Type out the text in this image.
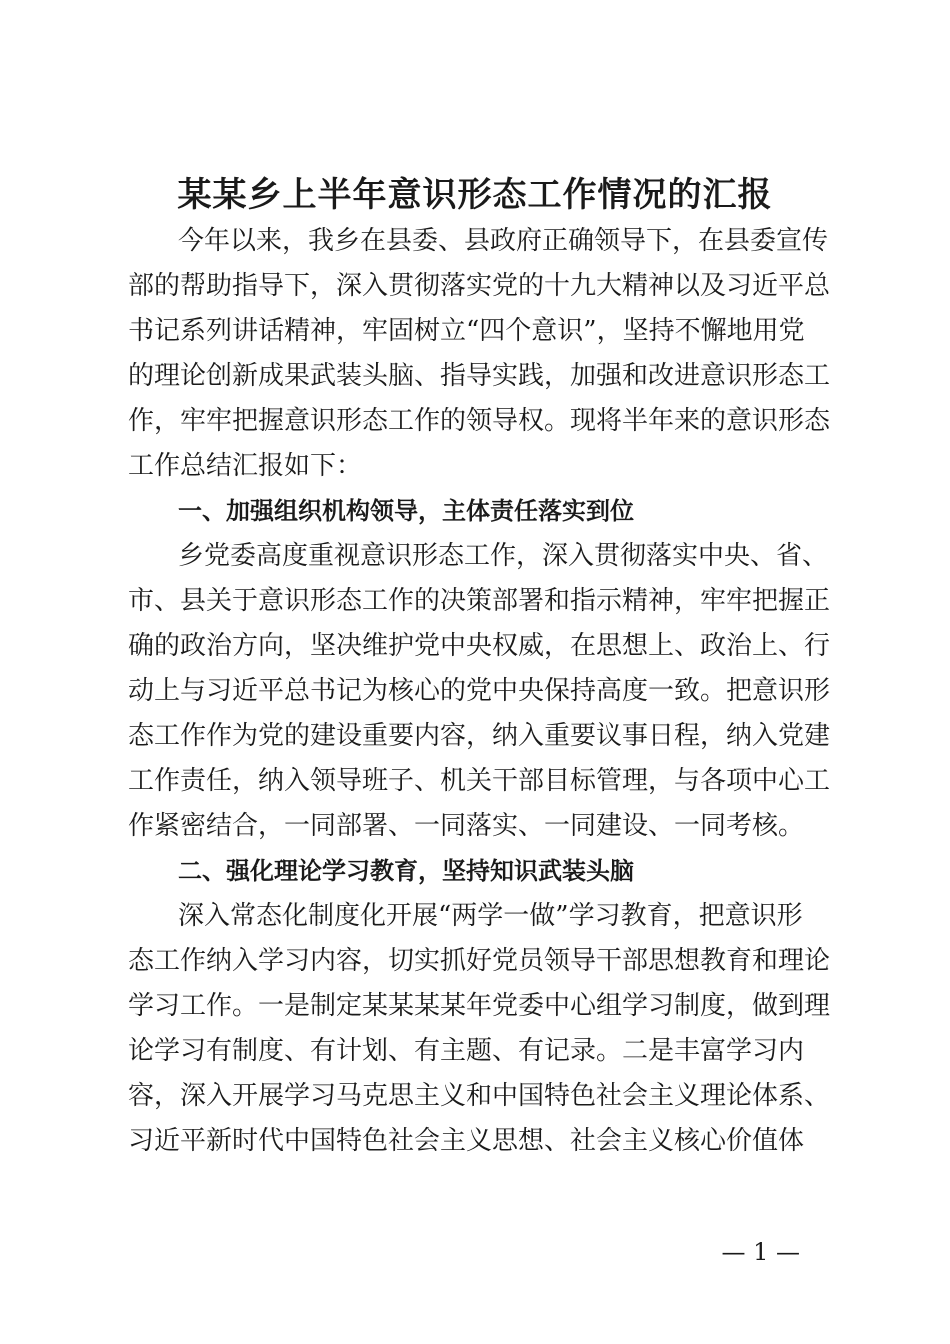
某某乡上半年意识形态工作情况的汇报
今年以来，我乡在县委、县政府正确领导下，在县委宣传
部的帮助指导下，深入贯彻落实党的十九大精神以及习近平总
书记系列讲话精神，牢固树立“四个意识”，坚持不懈地用党
的理论创新成果武装头脑、指导实践，加强和改进意识形态工
作，牢牢把握意识形态工作的领导权。现将半年来的意识形态
工作总结汇报如下：
一、加强组织机构领导，主体责任落实到位
乡党委高度重视意识形态工作，深入贯彻落实中央、省、
市、县关于意识形态工作的决策部署和指示精神，牢牢把握正
确的政治方向，坚决维护党中央权威，在思想上、政治上、行
动上与习近平总书记为核心的党中央保持高度一致。把意识形
态工作作为党的建设重要内容，纳入重要议事日程，纳入党建
工作责任，纳入领导班子、机关干部目标管理，与各项中心工
作紧密结合，一同部署、一同落实、一同建设、一同考核。
二、强化理论学习教育，坚持知识武装头脑
深入常态化制度化开展“两学一做”学习教育，把意识形
态工作纳入学习内容，切实抓好党员领导干部思想教育和理论
学习工作。一是制定某某某某年党委中心组学习制度，做到理
论学习有制度、有计划、有主题、有记录。二是丰富学习内
容，深入开展学习马克思主义和中国特色社会主义理论体系、
习近平新时代中国特色社会主义思想、社会主义核心价值体
— 1 —
